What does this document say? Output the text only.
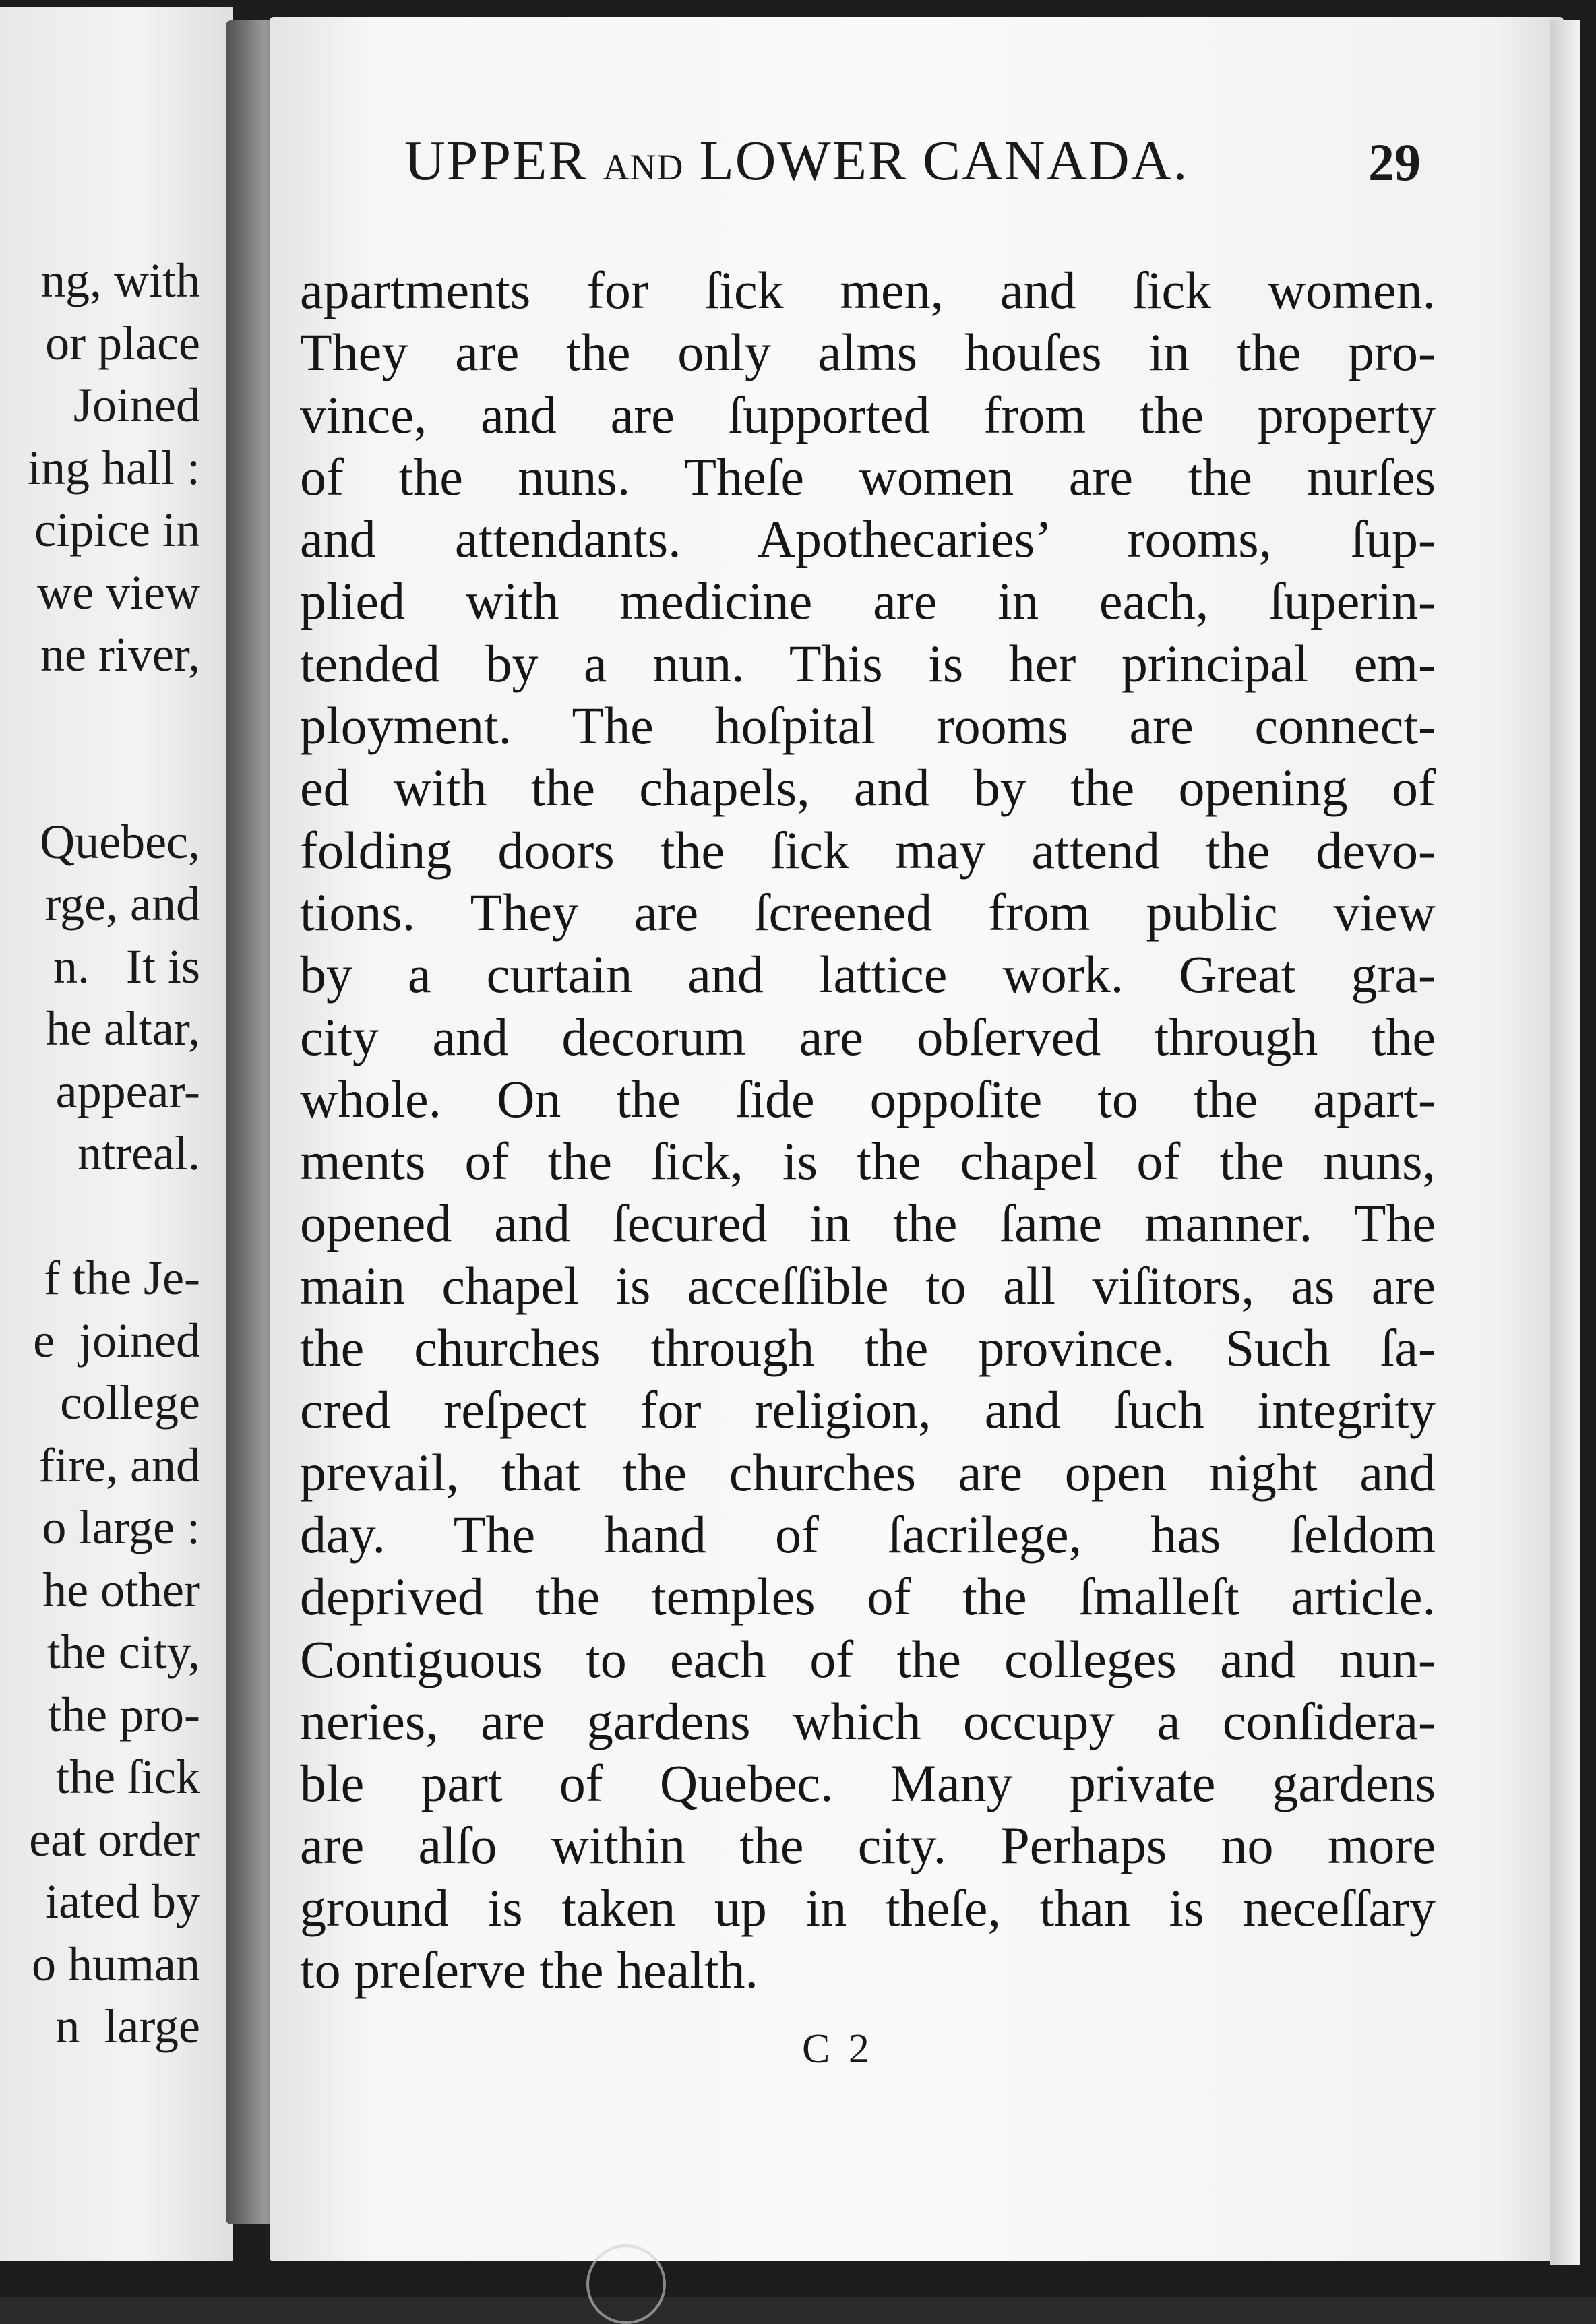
ng, with
or place
Joined
ing hall :
cipice in
we view
ne river,
Quebec,
rge, and
n.   It is
he altar,
appear-
ntreal.
f the Je-
e  joined
college
fire, and
o large :
he other
the city,
the pro-
the ſick
eat order
iated by
o human
n  large
UPPER AND LOWER CANADA.	29
apartments for ſick men, and ſick women.
They are the only alms houſes in the pro-
vince, and are ſupported from the property
of the nuns. Theſe women are the nurſes
and attendants. Apothecaries’ rooms, ſup-
plied with medicine are in each, ſuperin-
tended by a nun. This is her principal em-
ployment. The hoſpital rooms are connect-
ed with the chapels, and by the opening of
folding doors the ſick may attend the devo-
tions. They are ſcreened from public view
by a curtain and lattice work. Great gra-
city and decorum are obſerved through the
whole. On the ſide oppoſite to the apart-
ments of the ſick, is the chapel of the nuns,
opened and ſecured in the ſame manner. The
main chapel is acceſſible to all viſitors, as are
the churches through the province. Such ſa-
cred reſpect for religion, and ſuch integrity
prevail, that the churches are open night and
day. The hand of ſacrilege, has ſeldom
deprived the temples of the ſmalleſt article.
Contiguous to each of the colleges and nun-
neries, are gardens which occupy a conſidera-
ble part of Quebec. Many private gardens
are alſo within the city. Perhaps no more
ground is taken up in theſe, than is neceſſary
to preſerve the health.
C 2
